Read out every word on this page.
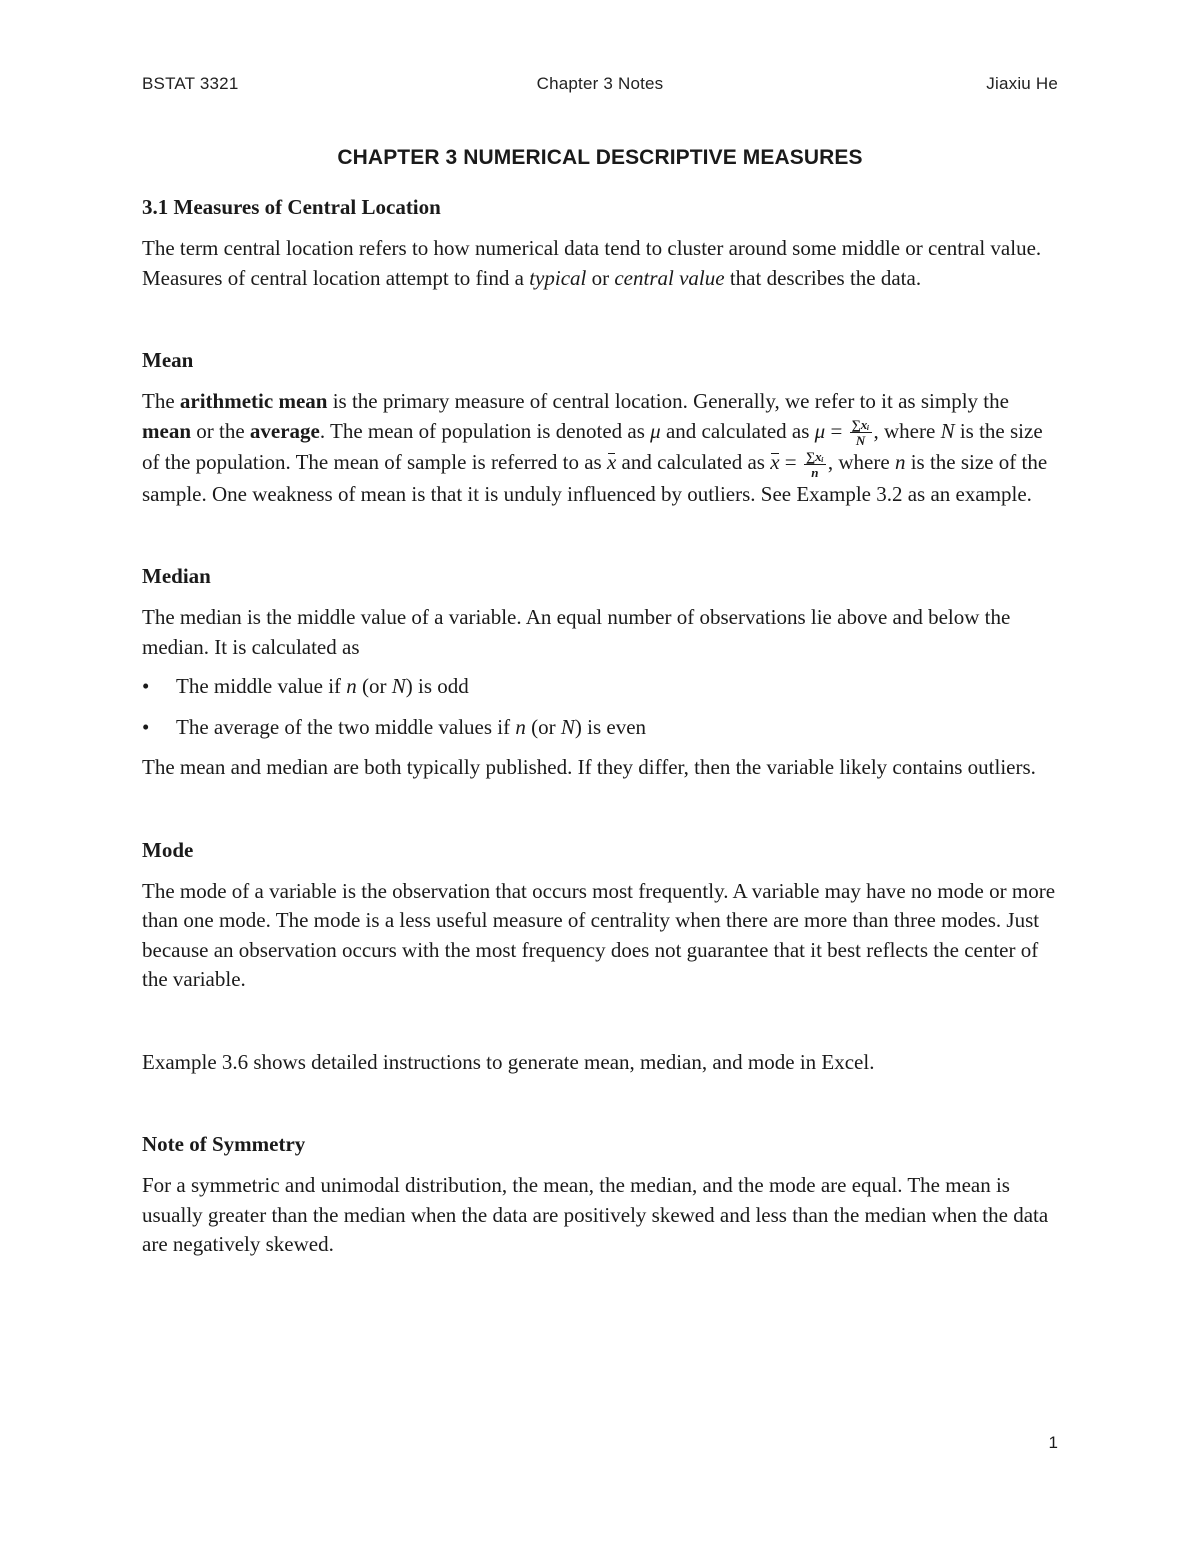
BSTAT 3321	Chapter 3 Notes	Jiaxiu He
CHAPTER 3 NUMERICAL DESCRIPTIVE MEASURES
3.1 Measures of Central Location

The term central location refers to how numerical data tend to cluster around some middle or central value. Measures of central location attempt to find a typical or central value that describes the data.

Mean

The arithmetic mean is the primary measure of central location. Generally, we refer to it as simply the mean or the average. The mean of population is denoted as μ and calculated as $\mu = \frac{\text{∑xᵢ}}{N}$ , where N is the size of the population. The mean of sample is referred to as x and calculated as $x = \frac{\text{∑xᵢ}}{n}$ , where n is the size of the sample. One weakness of mean is that it is unduly influenced by outliers. See Example 3.2 as an example.

Median

The median is the middle value of a variable. An equal number of observations lie above and below the median. It is calculated as

• The middle value if n (or N) is odd
• The average of the two middle values if n (or N) is even

The mean and median are both typically published. If they differ, then the variable likely contains outliers.

Mode

The mode of a variable is the observation that occurs most frequently. A variable may have no mode or more than one mode. The mode is a less useful measure of centrality when there are more than three modes. Just because an observation occurs with the most frequency does not guarantee that it best reflects the center of the variable.

Example 3.6 shows detailed instructions to generate mean, median, and mode in Excel.

Note of Symmetry

For a symmetric and unimodal distribution, the mean, the median, and the mode are equal. The mean is usually greater than the median when the data are positively skewed and less than the median when the data are negatively skewed.

1
